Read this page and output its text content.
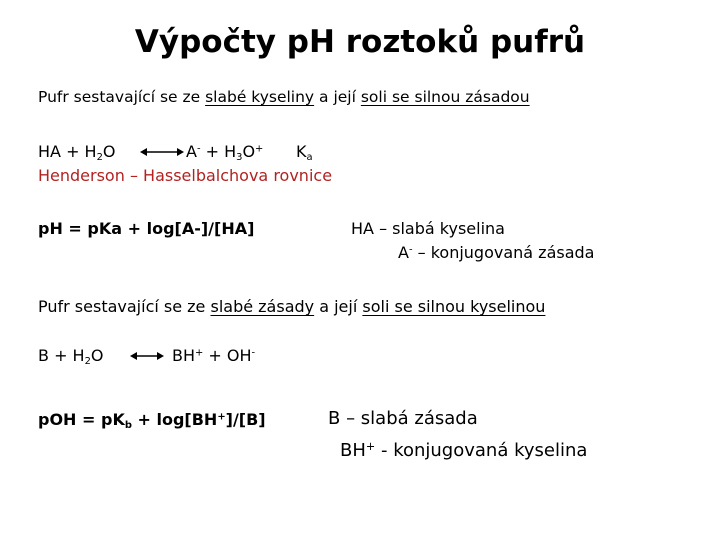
Výpočty pH roztoků pufrů
Pufr sestavající se ze slabé kyseliny a její soli se silnou zásadou
HA + $H_2O$	$A^- + H_3O^+$ $K_a$
Henderson – Hasselbalchova rovnice
pH = pKa + log[A-]/[HA]	HA – slabá kyselina
A- – konjugovaná zásada
Pufr sestavající se ze slabé zásady a její soli se silnou kyselinou
$B + H_2O$	BH+ + OH-
pOH = $pK_b + \log[BH^+]/[B]$	B – slabá zásada
BH+ - konjugovaná kyselina
